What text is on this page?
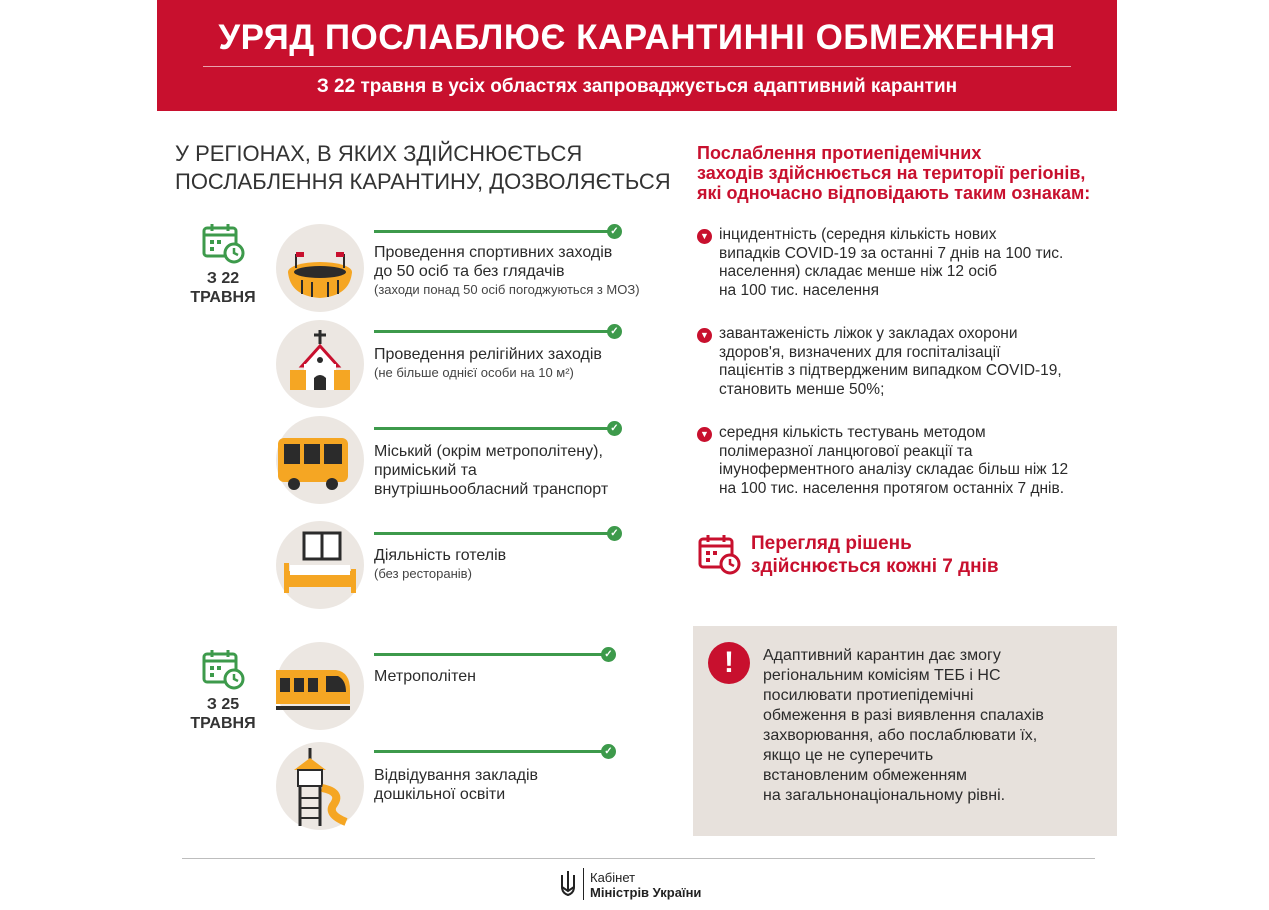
УРЯД ПОСЛАБЛЮЄ КАРАНТИННІ ОБМЕЖЕННЯ
З 22 травня в усіх областях запроваджується адаптивний карантин
У РЕГІОНАХ, В ЯКИХ ЗДІЙСНЮЄТЬСЯ
ПОСЛАБЛЕННЯ КАРАНТИНУ, ДОЗВОЛЯЄТЬСЯ
З 22
ТРАВНЯ
З 25
ТРАВНЯ
✓
Проведення спортивних заходів
до 50 осіб та без глядачів
(заходи понад 50 осіб погоджуються з МОЗ)
✓
Проведення релігійних заходів
(не більше однієї особи на 10 м²)
✓
Міський (окрім метрополітену),
приміський та
внутрішньообласний транспорт
✓
Діяльність готелів
(без ресторанів)
✓
Метрополітен
✓
Відвідування закладів
дошкільної освіти
Послаблення протиепідемічних
заходів здійснюється на території регіонів,
які одночасно відповідають таким ознакам:
▼ інцидентність (середня кількість нових
випадків COVID-19 за останні 7 днів на 100 тис.
населення) складає менше ніж 12 осіб
на 100 тис. населення
▼ завантаженість ліжок у закладах охорони
здоров'я, визначених для госпіталізації
пацієнтів з підтвердженим випадком COVID-19,
становить менше 50%;
▼ середня кількість тестувань методом
полімеразної ланцюгової реакції та
імуноферментного аналізу складає більш ніж 12
на 100 тис. населення протягом останніх 7 днів.
Перегляд рішень
здійснюється кожні 7 днів
!	Адаптивний карантин дає змогу
регіональним комісіям ТЕБ і НС
посилювати протиепідемічні
обмеження в разі виявлення спалахів
захворювання, або послаблювати їх,
якщо це не суперечить
встановленим обмеженням
на загальнонаціональному рівні.
Кабінет
Міністрів України
